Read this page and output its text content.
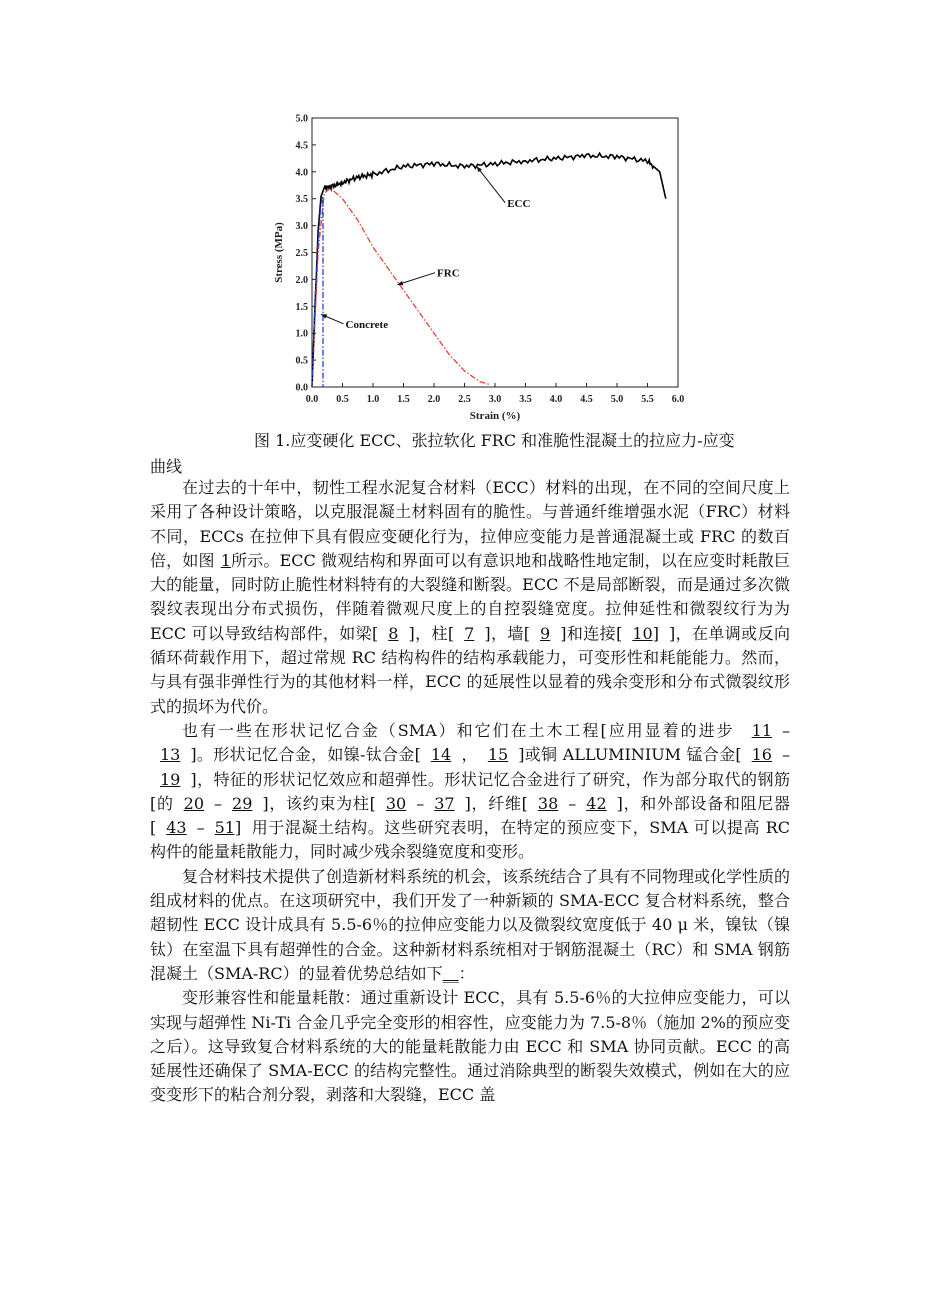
0.0 0.5 1.0 1.5 2.0 2.5 3.0 3.5 4.0 4.5 5.0 5.5 6.0
0.0
0.5
1.0
1.5
2.0
2.5
3.0
3.5
4.0
4.5
5.0
Strain (%)
Stress (MPa)
ECC
FRC
Concrete
图 1.应变硬化 ECC、张拉软化 FRC 和准脆性混凝土的拉应力-应变
曲线

在过去的十年中，韧性工程水泥复合材料（ECC）材料的出现，在不同的空间尺度上采用了各种设计策略，以克服混凝土材料固有的脆性。与普通纤维增强水泥（FRC）材料不同，ECCs 在拉伸下具有假应变硬化行为，拉伸应变能力是普通混凝土或 FRC 的数百倍，如图 1所示。ECC 微观结构和界面可以有意识地和战略性地定制，以在应变时耗散巨大的能量，同时防止脆性材料特有的大裂缝和断裂。ECC 不是局部断裂，而是通过多次微裂纹表现出分布式损伤，伴随着微观尺度上的自控裂缝宽度。拉伸延性和微裂纹行为为 ECC 可以导致结构部件，如梁[ 8 ]，柱[ 7 ]，墙[ 9 ]和连接[ 10] ]，在单调或反向循环荷载作用下，超过常规 RC 结构构件的结构承载能力，可变形性和耗能能力。然而，与具有强非弹性行为的其他材料一样，ECC 的延展性以显着的残余变形和分布式微裂纹形式的损坏为代价。

也有一些在形状记忆合金（SMA）和它们在土木工程[应用显着的进步 11 –13 ]。形状记忆合金，如镍-钛合金[ 14 ， 15 ]或铜 ALLUMINIUM 锰合金[ 16 –19 ]，特征的形状记忆效应和超弹性。形状记忆合金进行了研究，作为部分取代的钢筋[的 20 – 29 ]，该约束为柱[ 30 – 37 ]，纤维[ 38 – 42 ]，和外部设备和阻尼器[ 43 – 51] 用于混凝土结构。这些研究表明，在特定的预应变下，SMA 可以提高 RC 构件的能量耗散能力，同时减少残余裂缝宽度和变形。

复合材料技术提供了创造新材料系统的机会，该系统结合了具有不同物理或化学性质的组成材料的优点。在这项研究中，我们开发了一种新颖的 SMA-ECC 复合材料系统，整合超韧性 ECC 设计成具有 5.5-6％的拉伸应变能力以及微裂纹宽度低于 40 μ 米，镍钛（镍钛）在室温下具有超弹性的合金。这种新材料系统相对于钢筋混凝土（RC）和 SMA 钢筋混凝土（SMA-RC）的显着优势总结如下__：

变形兼容性和能量耗散：通过重新设计 ECC，具有 5.5-6％的大拉伸应变能力，可以实现与超弹性 Ni-Ti 合金几乎完全变形的相容性，应变能力为 7.5-8％（施加 2%的预应变之后）。这导致复合材料系统的大的能量耗散能力由 ECC 和 SMA 协同贡献。ECC 的高延展性还确保了 SMA-ECC 的结构完整性。通过消除典型的断裂失效模式，例如在大的应变变形下的粘合剂分裂，剥落和大裂缝，ECC 盖
